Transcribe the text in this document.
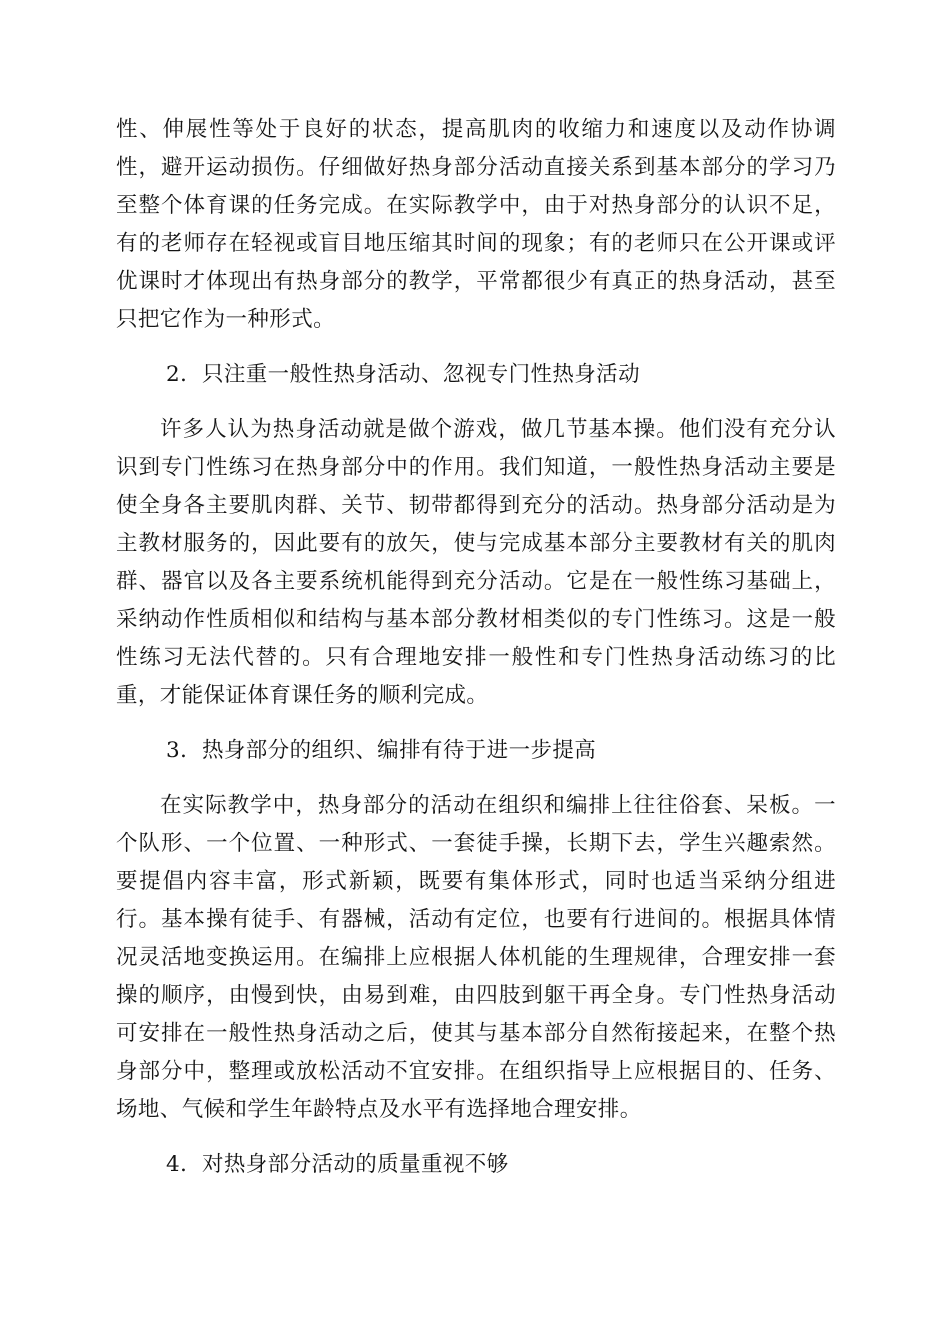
性、伸展性等处于良好的状态，提高肌肉的收缩力和速度以及动作协调
性，避开运动损伤。仔细做好热身部分活动直接关系到基本部分的学习乃
至整个体育课的任务完成。在实际教学中，由于对热身部分的认识不足，
有的老师存在轻视或盲目地压缩其时间的现象；有的老师只在公开课或评
优课时才体现出有热身部分的教学，平常都很少有真正的热身活动，甚至
只把它作为一种形式。
2．只注重一般性热身活动、忽视专门性热身活动
许多人认为热身活动就是做个游戏，做几节基本操。他们没有充分认
识到专门性练习在热身部分中的作用。我们知道，一般性热身活动主要是
使全身各主要肌肉群、关节、韧带都得到充分的活动。热身部分活动是为
主教材服务的，因此要有的放矢，使与完成基本部分主要教材有关的肌肉
群、器官以及各主要系统机能得到充分活动。它是在一般性练习基础上，
采纳动作性质相似和结构与基本部分教材相类似的专门性练习。这是一般
性练习无法代替的。只有合理地安排一般性和专门性热身活动练习的比
重，才能保证体育课任务的顺利完成。
3．热身部分的组织、编排有待于进一步提高
在实际教学中，热身部分的活动在组织和编排上往往俗套、呆板。一
个队形、一个位置、一种形式、一套徒手操，长期下去，学生兴趣索然。
要提倡内容丰富，形式新颖，既要有集体形式，同时也适当采纳分组进
行。基本操有徒手、有器械，活动有定位，也要有行进间的。根据具体情
况灵活地变换运用。在编排上应根据人体机能的生理规律，合理安排一套
操的顺序，由慢到快，由易到难，由四肢到躯干再全身。专门性热身活动
可安排在一般性热身活动之后，使其与基本部分自然衔接起来，在整个热
身部分中，整理或放松活动不宜安排。在组织指导上应根据目的、任务、
场地、气候和学生年龄特点及水平有选择地合理安排。
4．对热身部分活动的质量重视不够
